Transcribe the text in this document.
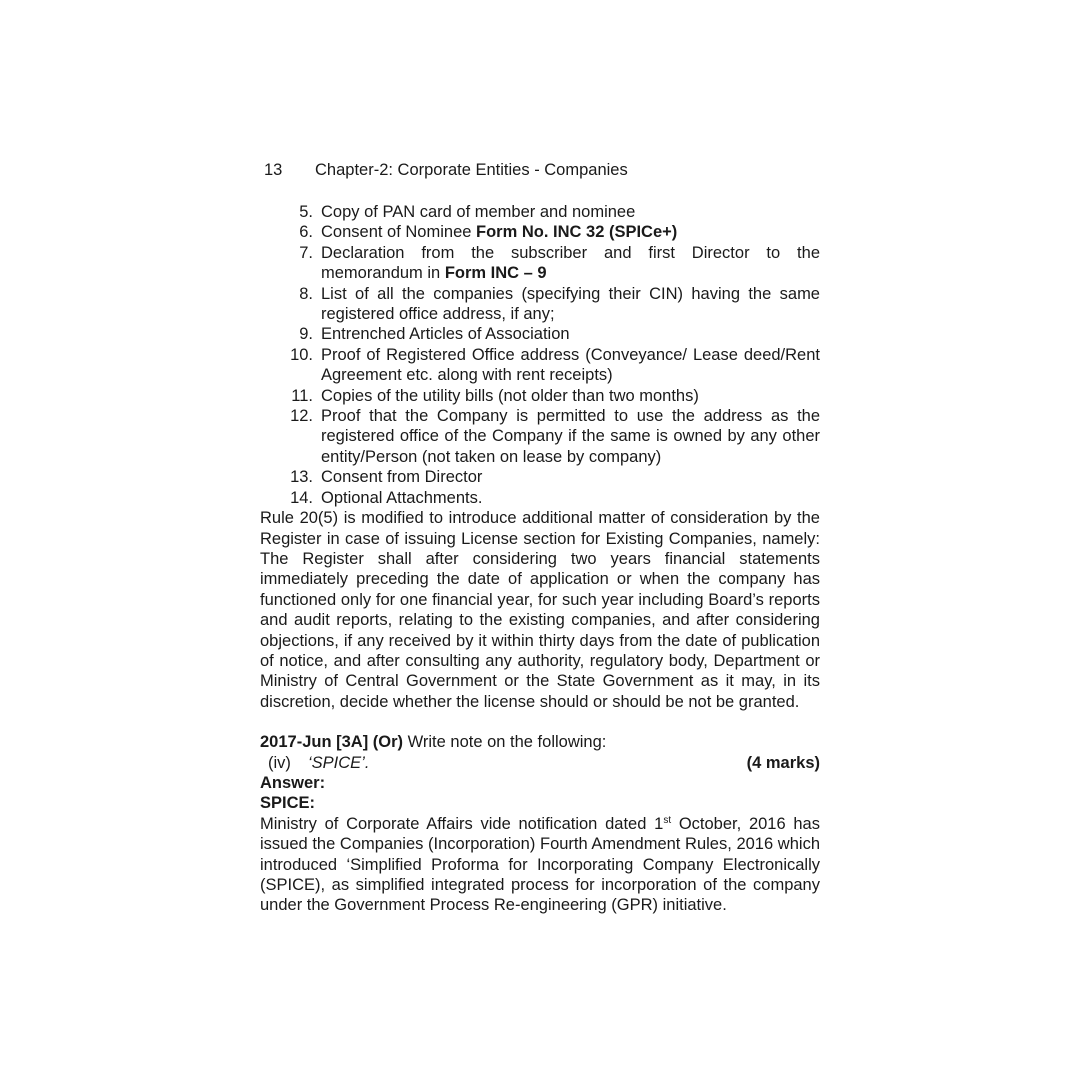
13 Chapter-2: Corporate Entities - Companies
5. Copy of PAN card of member and nominee
6. Consent of Nominee Form No. INC 32 (SPICe+)
7. Declaration from the subscriber and first Director to the memorandum in Form INC – 9
8. List of all the companies (specifying their CIN) having the same registered office address, if any;
9. Entrenched Articles of Association
10. Proof of Registered Office address (Conveyance/ Lease deed/Rent Agreement etc. along with rent receipts)
11. Copies of the utility bills (not older than two months)
12. Proof that the Company is permitted to use the address as the registered office of the Company if the same is owned by any other entity/Person (not taken on lease by company)
13. Consent from Director
14. Optional Attachments.

Rule 20(5) is modified to introduce additional matter of consideration by the Register in case of issuing License section for Existing Companies, namely: The Register shall after considering two years financial statements immediately preceding the date of application or when the company has functioned only for one financial year, for such year including Board’s reports and audit reports, relating to the existing companies, and after considering objections, if any received by it within thirty days from the date of publication of notice, and after consulting any authority, regulatory body, Department or Ministry of Central Government or the State Government as it may, in its discretion, decide whether the license should or should be not be granted.

2017-Jun [3A] (Or) Write note on the following:

(iv) ‘SPICE’.	(4 marks)

Answer:

SPICE:

Ministry of Corporate Affairs vide notification dated 1st October, 2016 has issued the Companies (Incorporation) Fourth Amendment Rules, 2016 which introduced ‘Simplified Proforma for Incorporating Company Electronically (SPICE), as simplified integrated process for incorporation of the company under the Government Process Re-engineering (GPR) initiative.
